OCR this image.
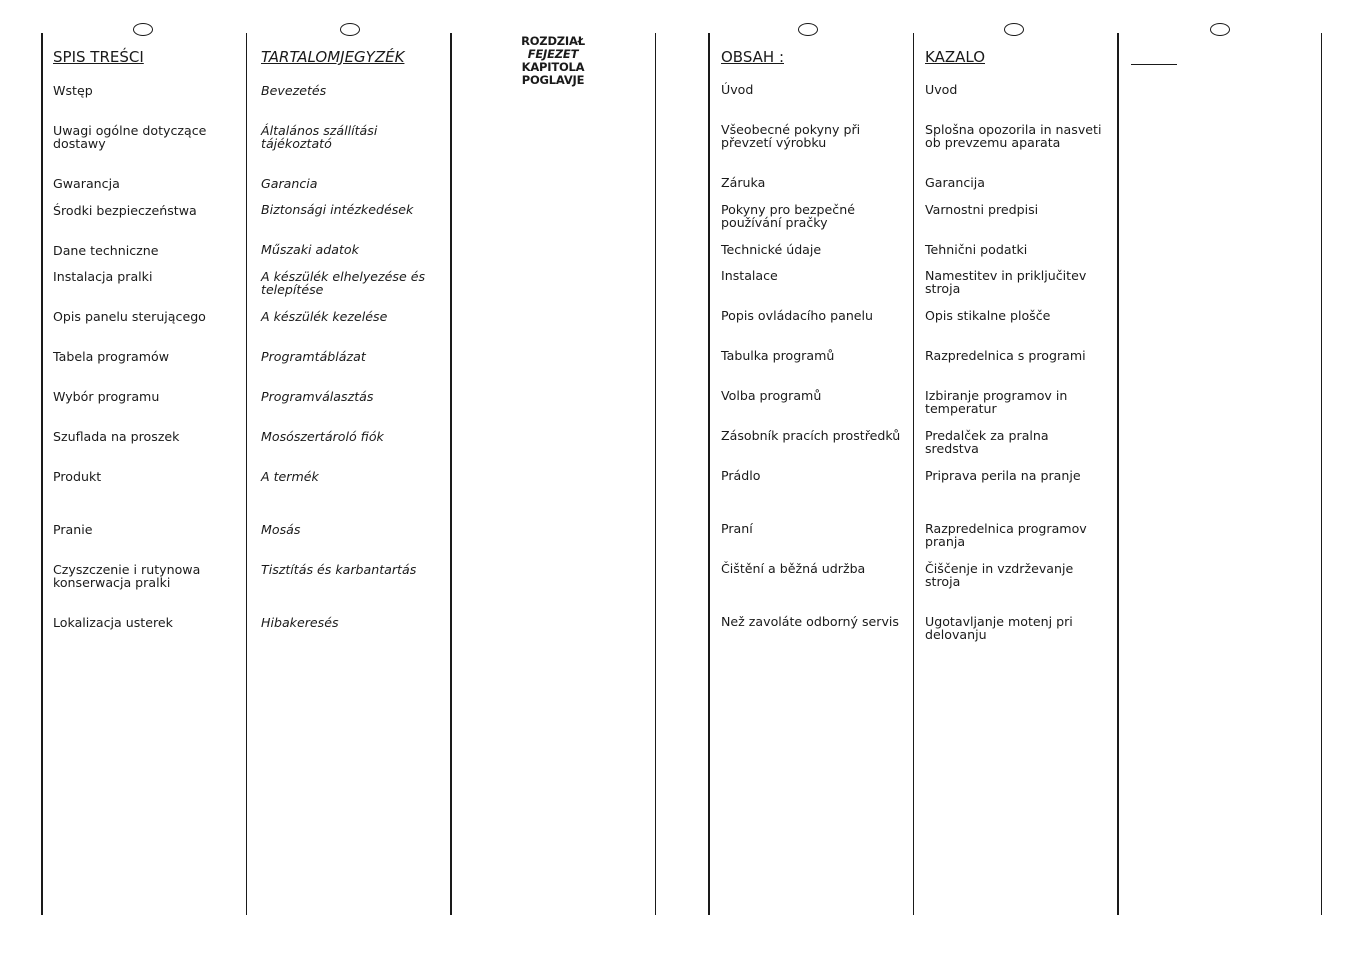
ROZDZIAŁ
FEJEZET
KAPITOLA
POGLAVJE
SPIS TREŚCI
Wstęp
Uwagi ogólne dotyczące
dostawy
Gwarancja
Środki bezpieczeństwa
Dane techniczne
Instalacja pralki
Opis panelu sterującego
Tabela programów
Wybór programu
Szuflada na proszek
Produkt
Pranie
Czyszczenie i rutynowa
konserwacja pralki
Lokalizacja usterek
TARTALOMJEGYZÉK
Bevezetés
Általános szállítási tájékoztató
Garancia
Biztonsági intézkedések
Műszaki adatok
A készülék elhelyezése és
telepítése
A készülék kezelése
Programtáblázat
Programválasztás
Mosószertároló fiók
A termék
Mosás
Tisztítás és karbantartás
Hibakeresés
OBSAH :
Úvod
Všeobecné pokyny při
převzetí výrobku
Záruka
Pokyny pro bezpečné
používání pračky
Technické údaje
Instalace
Popis ovládacího panelu
Tabulka programů
Volba programů
Zásobník pracích prostředků
Prádlo
Praní
Čištění a běžná udržba
Než zavoláte odborný servis
KAZALO
Uvod
Splošna opozorila in nasveti
ob prevzemu aparata
Garancija
Varnostni predpisi
Tehnični podatki
Namestitev in priključitev
stroja
Opis stikalne plošče
Razpredelnica s programi
Izbiranje programov in
temperatur
Predalček za pralna
sredstva
Priprava perila na pranje
Razpredelnica programov
pranja
Čiščenje in vzdrževanje
stroja
Ugotavljanje motenj pri
delovanju
